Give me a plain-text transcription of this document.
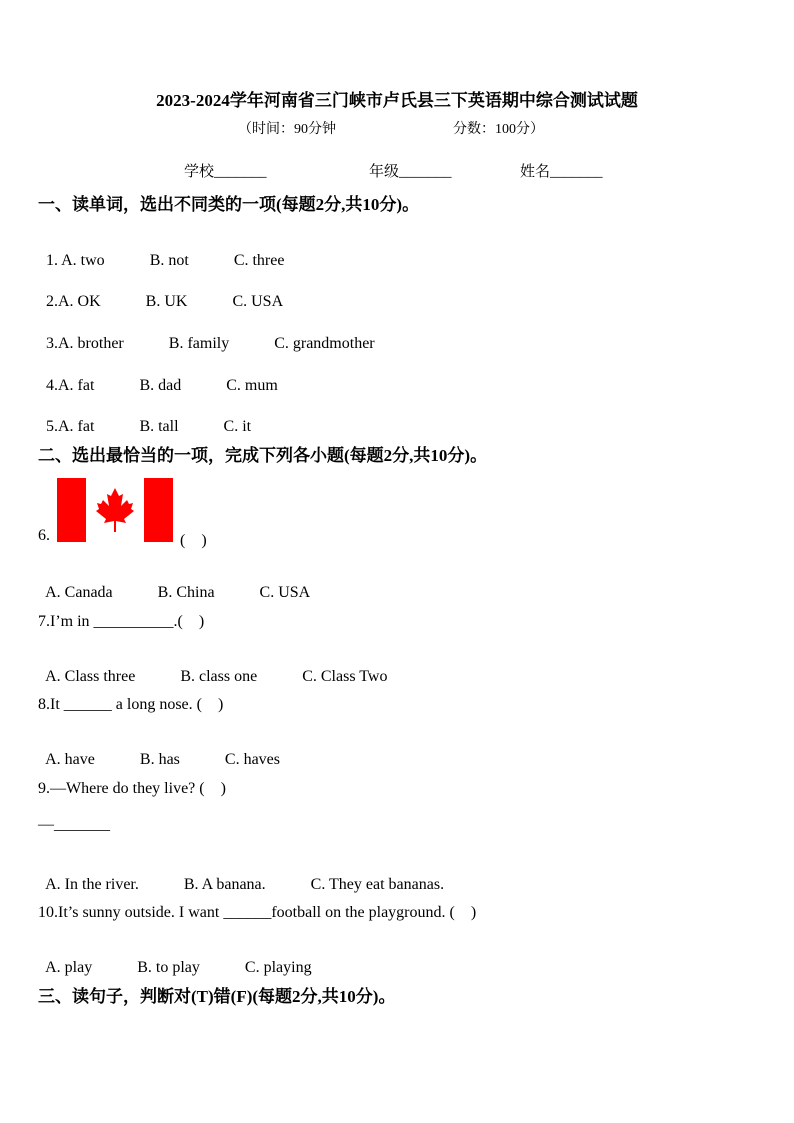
2023-2024学年河南省三门峡市卢氏县三下英语期中综合测试试题
（时间：90分钟	分数：100分）
学校_______	年级_______	姓名_______
一、读单词，选出不同类的一项(每题2分,共10分)。

1. A. two	B. not	C. three

2.A. OK	B. UK	C. USA

3.A. brother	B. family	C. grandmother

4.A. fat	B. dad	C. mum

5.A. fat	B. tall	C. it

二、选出最恰当的一项，完成下列各小题(每题2分,共10分)。
6.	(　)

A. Canada	B. China	C. USA

7.I’m in __________.(　)

A. Class three	B. class one	C. Class Two

8.It ______ a long nose. (　)

A. have	B. has	C. haves

9.—Where do they live? (　)
—_______

A. In the river.	B. A banana.	C. They eat bananas.

10.It’s sunny outside. I want ______football on the playground. (　)

A. play	B. to play	C. playing

三、读句子，判断对(T)错(F)(每题2分,共10分)。
